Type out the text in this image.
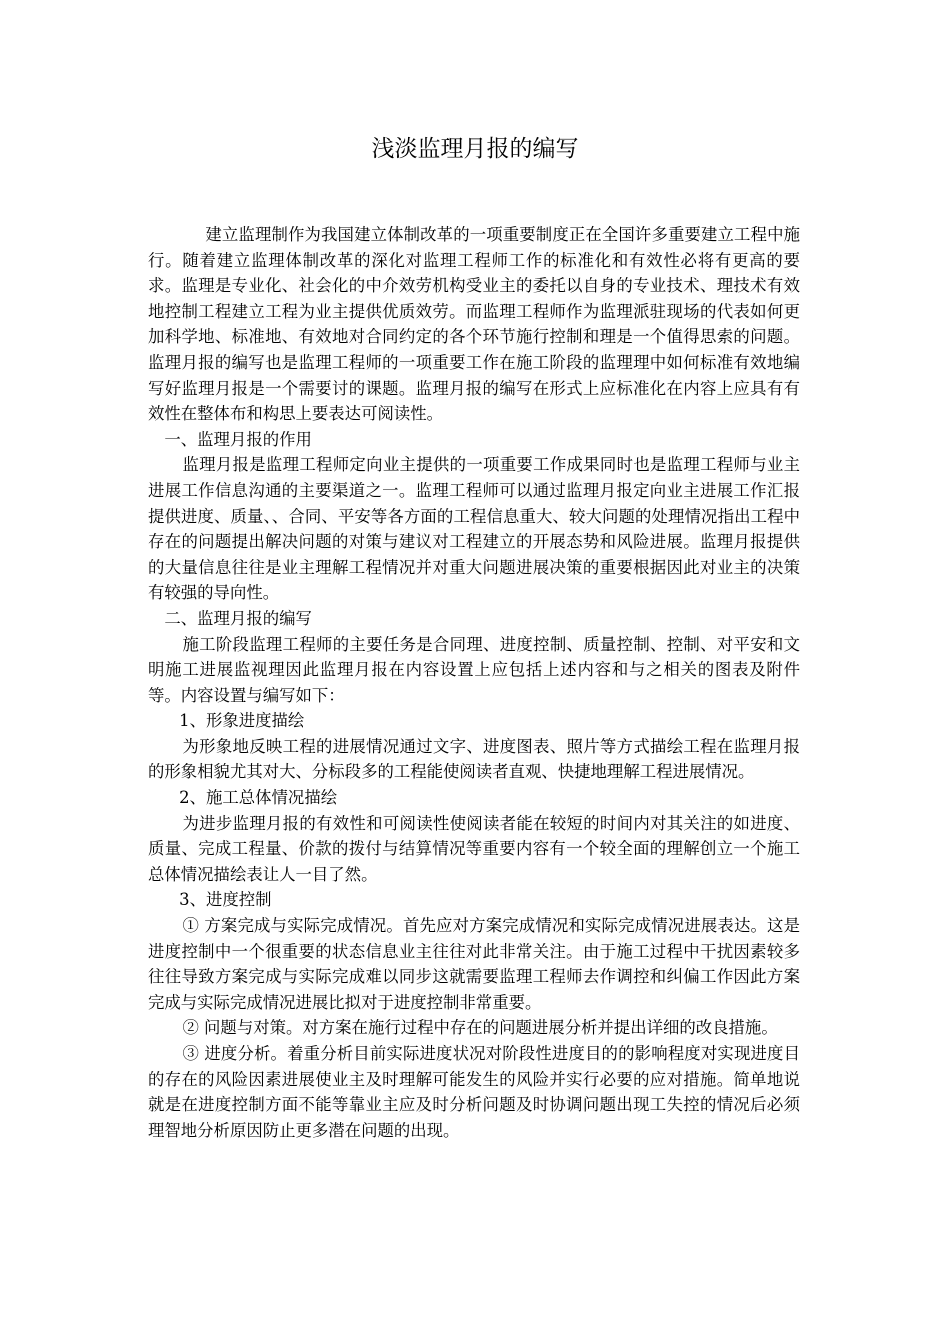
浅淡监理月报的编写

建立监理制作为我国建立体制改革的一项重要制度正在全国许多重要建立工程中施行。随着建立监理体制改革的深化对监理工程师工作的标准化和有效性必将有更高的要求。监理是专业化、社会化的中介效劳机构受业主的委托以自身的专业技术、理技术有效地控制工程建立工程为业主提供优质效劳。而监理工程师作为监理派驻现场的代表如何更加科学地、标准地、有效地对合同约定的各个环节施行控制和理是一个值得思索的问题。监理月报的编写也是监理工程师的一项重要工作在施工阶段的监理理中如何标准有效地编写好监理月报是一个需要讨的课题。监理月报的编写在形式上应标准化在内容上应具有有效性在整体布和构思上要表达可阅读性。

一、监理月报的作用

监理月报是监理工程师定向业主提供的一项重要工作成果同时也是监理工程师与业主进展工作信息沟通的主要渠道之一。监理工程师可以通过监理月报定向业主进展工作汇报提供进度、质量、、合同、平安等各方面的工程信息重大、较大问题的处理情况指出工程中存在的问题提出解决问题的对策与建议对工程建立的开展态势和风险进展。监理月报提供的大量信息往往是业主理解工程情况并对重大问题进展决策的重要根据因此对业主的决策有较强的导向性。

二、监理月报的编写

施工阶段监理工程师的主要任务是合同理、进度控制、质量控制、控制、对平安和文明施工进展监视理因此监理月报在内容设置上应包括上述内容和与之相关的图表及附件等。内容设置与编写如下：

1、形象进度描绘

为形象地反映工程的进展情况通过文字、进度图表、照片等方式描绘工程在监理月报的形象相貌尤其对大、分标段多的工程能使阅读者直观、快捷地理解工程进展情况。

2、施工总体情况描绘

为进步监理月报的有效性和可阅读性使阅读者能在较短的时间内对其关注的如进度、质量、完成工程量、价款的拨付与结算情况等重要内容有一个较全面的理解创立一个施工总体情况描绘表让人一目了然。

3、进度控制

① 方案完成与实际完成情况。首先应对方案完成情况和实际完成情况进展表达。这是进度控制中一个很重要的状态信息业主往往对此非常关注。由于施工过程中干扰因素较多往往导致方案完成与实际完成难以同步这就需要监理工程师去作调控和纠偏工作因此方案完成与实际完成情况进展比拟对于进度控制非常重要。

② 问题与对策。对方案在施行过程中存在的问题进展分析并提出详细的改良措施。

③ 进度分析。着重分析目前实际进度状况对阶段性进度目的的影响程度对实现进度目的存在的风险因素进展使业主及时理解可能发生的风险并实行必要的应对措施。简单地说就是在进度控制方面不能等靠业主应及时分析问题及时协调问题出现工失控的情况后必须理智地分析原因防止更多潜在问题的出现。
